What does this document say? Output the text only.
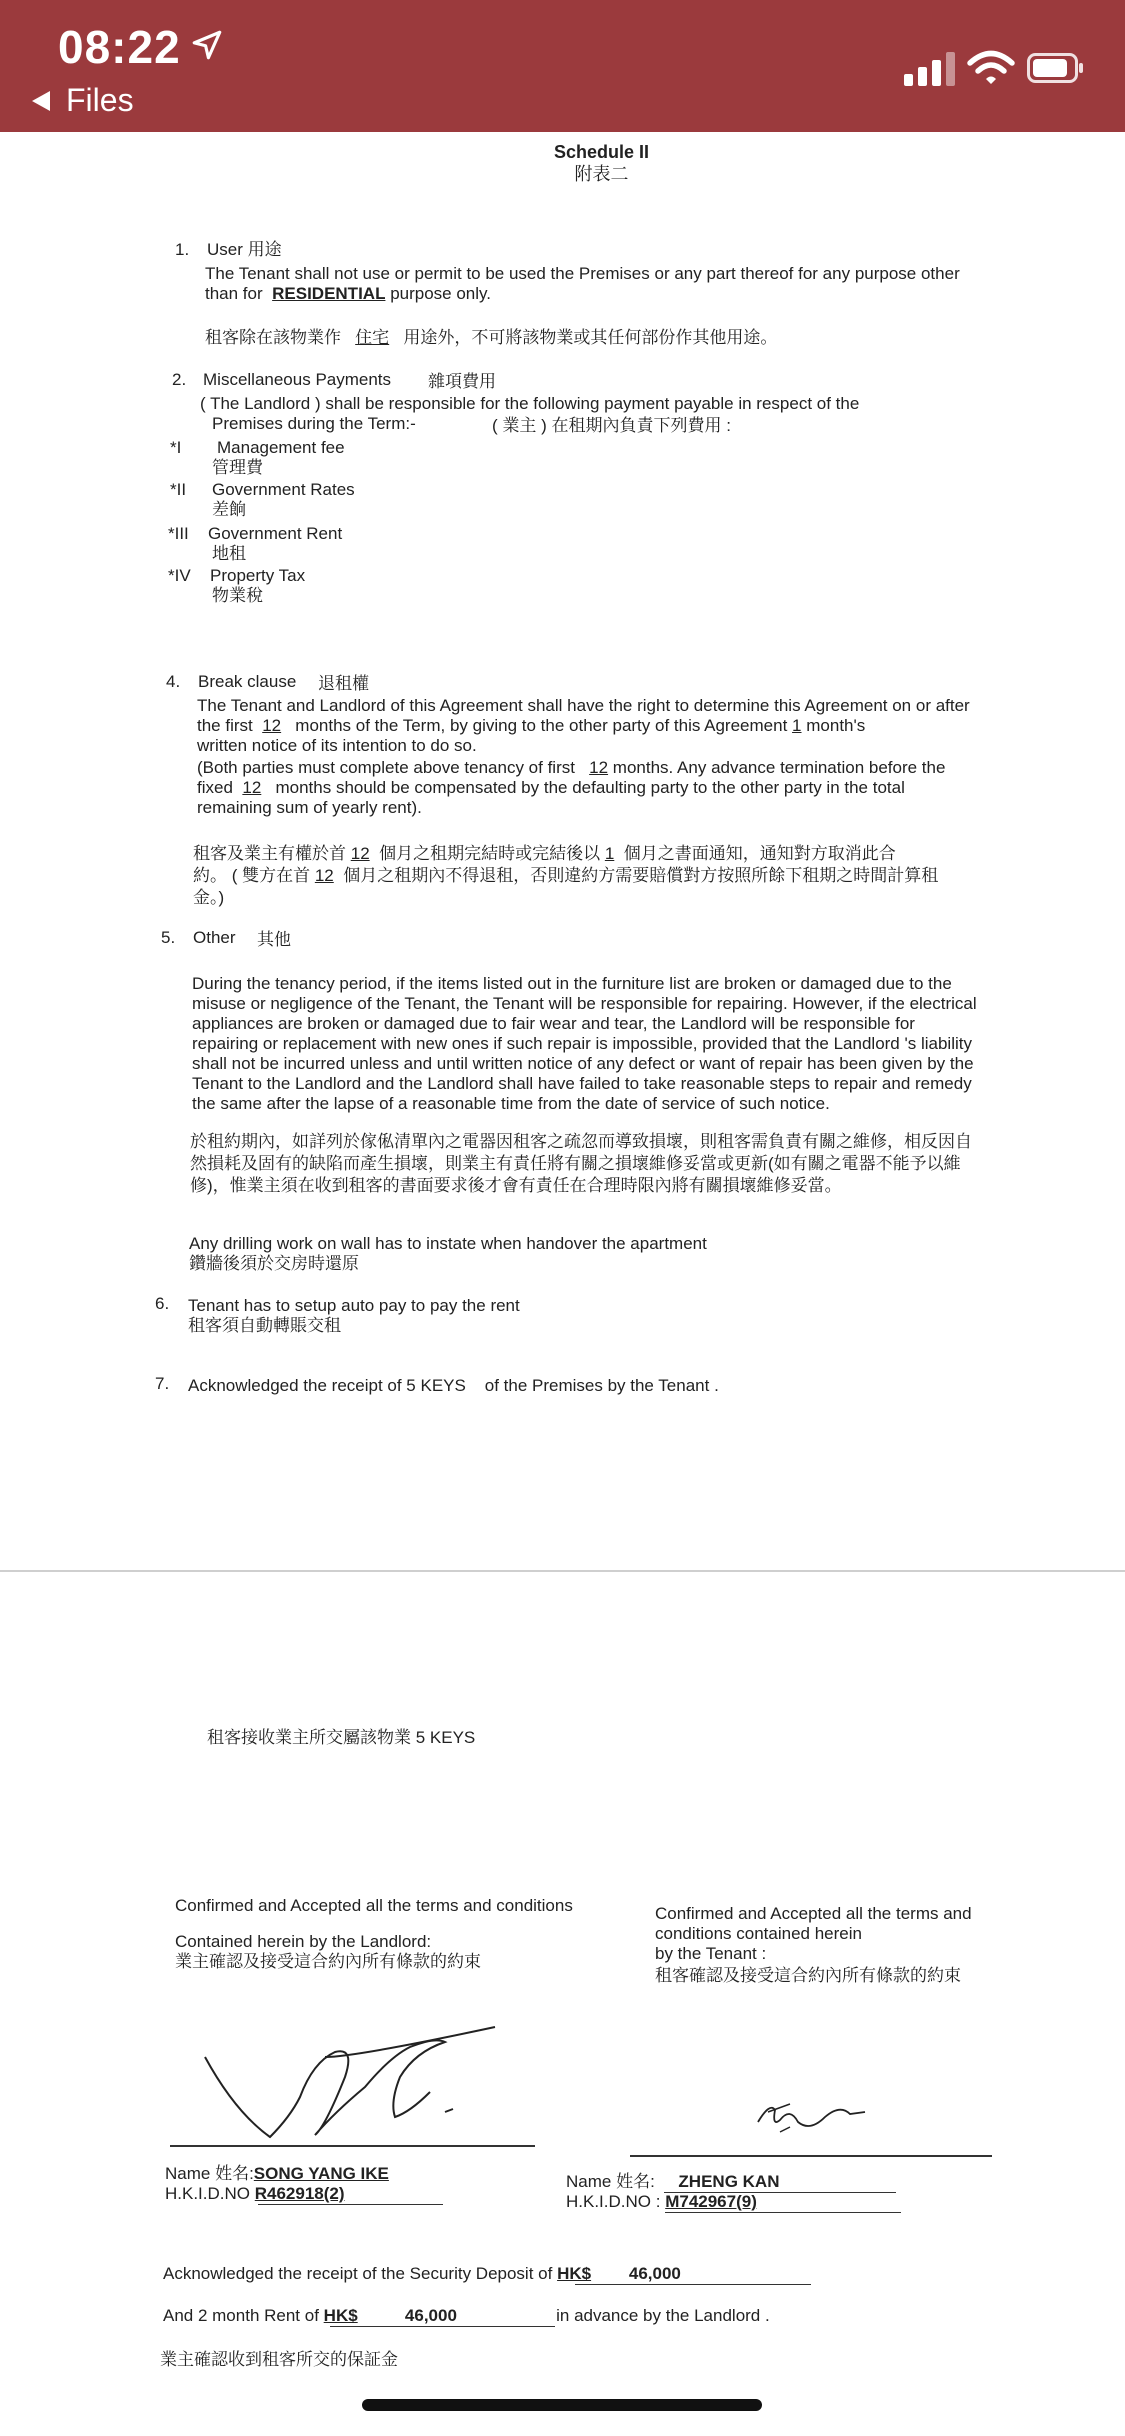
08:22
Files
Schedule II
附表二
1. User 用途
The Tenant shall not use or permit to be used the Premises or any part thereof for any purpose other
than for RESIDENTIAL purpose only.
租客除在該物業作 住宅 用途外，不可將該物業或其任何部份作其他用途。
2. Miscellaneous Payments 雜項費用
( The Landlord ) shall be responsible for the following payment payable in respect of the
Premises during the Term:-	( 業主 ) 在租期內負責下列費用 :
*I Management fee
管理費
*II Government Rates
差餉
*III Government Rent
地租
*IV Property Tax
物業稅
4. Break clause 退租權
The Tenant and Landlord of this Agreement shall have the right to determine this Agreement on or after
the first 12 months of the Term, by giving to the other party of this Agreement 1 month's
written notice of its intention to do so.
(Both parties must complete above tenancy of first 12 months. Any advance termination before the
fixed 12 months should be compensated by the defaulting party to the other party in the total
remaining sum of yearly rent).
租客及業主有權於首 12 個月之租期完結時或完結後以 1 個月之書面通知，通知對方取消此合
約。 ( 雙方在首 12 個月之租期內不得退租，否則違約方需要賠償對方按照所餘下租期之時間計算租
金。)
5. Other 其他
During the tenancy period, if the items listed out in the furniture list are broken or damaged due to the
misuse or negligence of the Tenant, the Tenant will be responsible for repairing. However, if the electrical
appliances are broken or damaged due to fair wear and tear, the Landlord will be responsible for
repairing or replacement with new ones if such repair is impossible, provided that the Landlord 's liability
shall not be incurred unless and until written notice of any defect or want of repair has been given by the
Tenant to the Landlord and the Landlord shall have failed to take reasonable steps to repair and remedy
the same after the lapse of a reasonable time from the date of service of such notice.
於租約期內，如詳列於傢俬清單內之電器因租客之疏忽而導致損壞，則租客需負責有關之維修，相反因自
然損耗及固有的缺陷而產生損壞，則業主有責任將有關之損壞維修妥當或更新(如有關之電器不能予以維
修)，惟業主須在收到租客的書面要求後才會有責任在合理時限內將有關損壞維修妥當。
Any drilling work on wall has to instate when handover the apartment
鑽牆後須於交房時還原
6. Tenant has to setup auto pay to pay the rent
租客須自動轉賬交租
7. Acknowledged the receipt of 5 KEYS of the Premises by the Tenant .
租客接收業主所交屬該物業 5 KEYS
Confirmed and Accepted all the terms and conditions
Contained herein by the Landlord:
業主確認及接受這合約內所有條款的約束
Confirmed and Accepted all the terms and
conditions contained herein
by the Tenant :
租客確認及接受這合約內所有條款的約束
Name 姓名:SONG YANG IKE
H.K.I.D.NO R462918(2)
Name 姓名: ZHENG KAN
H.K.I.D.NO : M742967(9)
Acknowledged the receipt of the Security Deposit of HK$ 46,000
And 2 month Rent of HK$	46,000	in advance by the Landlord .
業主確認收到租客所交的保証金
